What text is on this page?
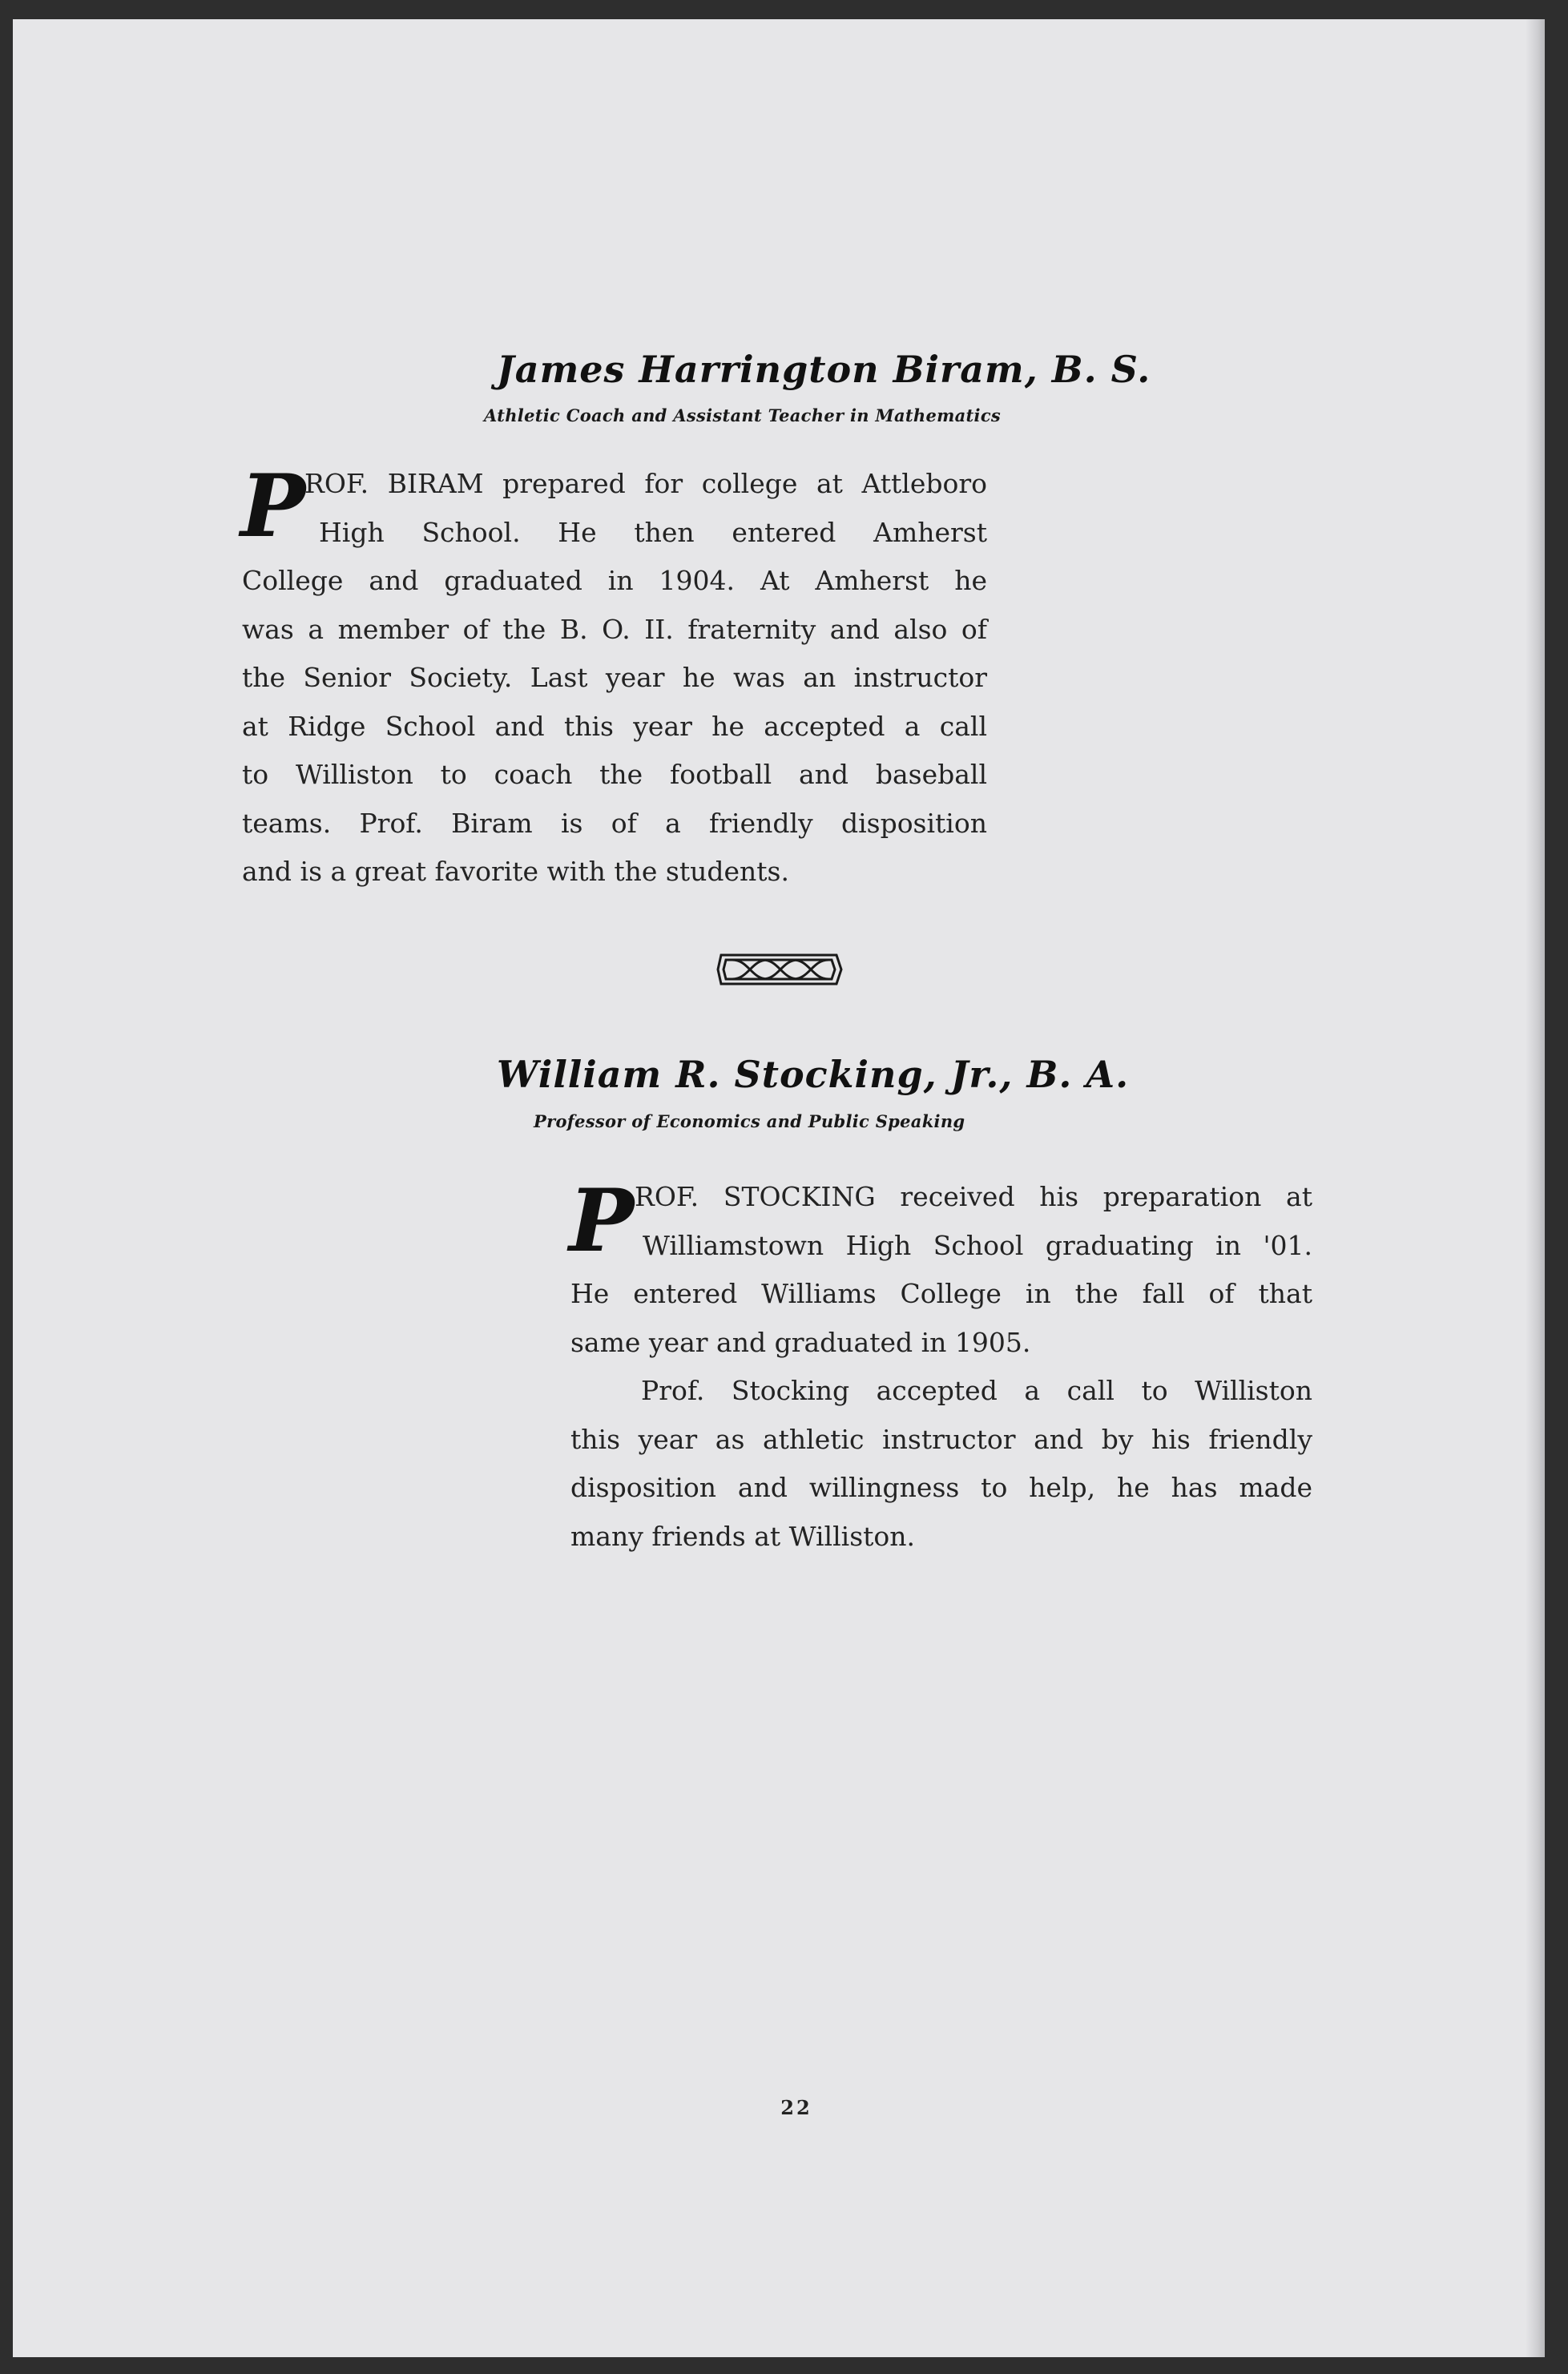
James Harrington Biram, B. S.
Athletic Coach and Assistant Teacher in Mathematics
P
ROF. BIRAM prepared for college at Attleboro
High School. He then entered Amherst
College and graduated in 1904. At Amherst he
was a member of the B. O. II. fraternity and also of
the Senior Society. Last year he was an instructor
at Ridge School and this year he accepted a call
to Williston to coach the football and baseball
teams. Prof. Biram is of a friendly disposition
and is a great favorite with the students.
William R. Stocking, Jr., B. A.
Professor of Economics and Public Speaking
P ROF. STOCKING received his preparation at
Williamstown High School graduating in '01.
He entered Williams College in the fall of that
same year and graduated in 1905.
Prof. Stocking accepted a call to Williston
this year as athletic instructor and by his friendly
disposition and willingness to help, he has made
many friends at Williston.
22
